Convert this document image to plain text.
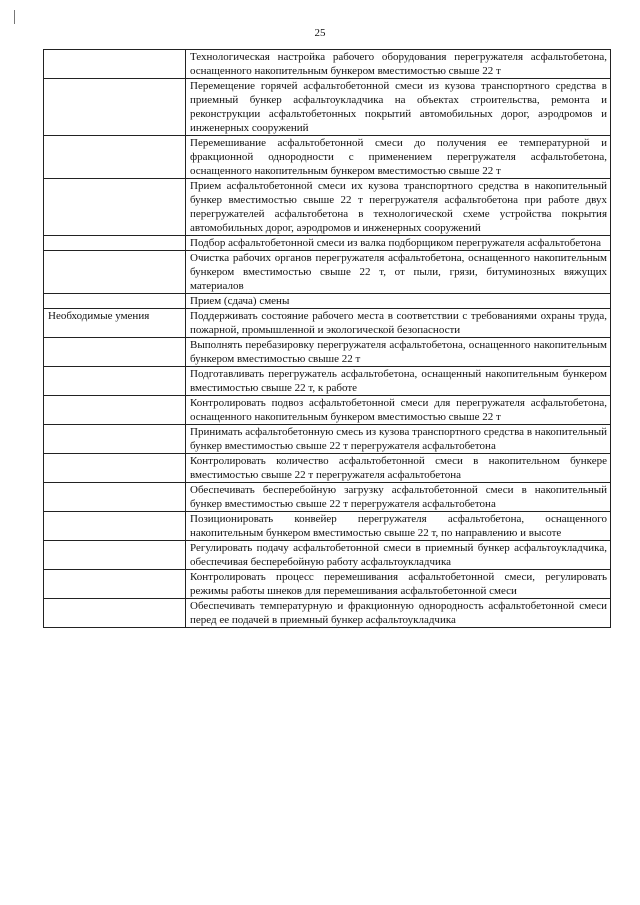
25

	Технологическая настройка рабочего оборудования перегружателя асфальтобетона, оснащенного накопительным бункером вместимостью свыше 22 т

	Перемещение горячей асфальтобетонной смеси из кузова транспортного средства в приемный бункер асфальтоукладчика на объектах строительства, ремонта и реконструкции асфальтобетонных покрытий автомобильных дорог, аэродромов и инженерных сооружений

	Перемешивание асфальтобетонной смеси до получения ее температурной и фракционной однородности с применением перегружателя асфальтобетона, оснащенного накопительным бункером вместимостью свыше 22 т

	Прием асфальтобетонной смеси их кузова транспортного средства в накопительный бункер вместимостью свыше 22 т перегружателя асфальтобетона при работе двух перегружателей асфальтобетона в технологической схеме устройства покрытия автомобильных дорог, аэродромов и инженерных сооружений

	Подбор асфальтобетонной смеси из валка подборщиком перегружателя асфальтобетона

	Очистка рабочих органов перегружателя асфальтобетона, оснащенного накопительным бункером вместимостью свыше 22 т, от пыли, грязи, битуминозных вяжущих материалов

	Прием (сдача) смены

Необходимые умения	Поддерживать состояние рабочего места в соответствии с требованиями охраны труда, пожарной, промышленной и экологической безопасности

	Выполнять перебазировку перегружателя асфальтобетона, оснащенного накопительным бункером вместимостью свыше 22 т

	Подготавливать перегружатель асфальтобетона, оснащенный накопительным бункером вместимостью свыше 22 т, к работе

	Контролировать подвоз асфальтобетонной смеси для перегружателя асфальтобетона, оснащенного накопительным бункером вместимостью свыше 22 т

	Принимать асфальтобетонную смесь из кузова транспортного средства в накопительный бункер вместимостью свыше 22 т перегружателя асфальтобетона

	Контролировать количество асфальтобетонной смеси в накопительном бункере вместимостью свыше 22 т перегружателя асфальтобетона

	Обеспечивать бесперебойную загрузку асфальтобетонной смеси в накопительный бункер вместимостью свыше 22 т перегружателя асфальтобетона

	Позиционировать конвейер перегружателя асфальтобетона, оснащенного накопительным бункером вместимостью свыше 22 т, по направлению и высоте

	Регулировать подачу асфальтобетонной смеси в приемный бункер асфальтоукладчика, обеспечивая бесперебойную работу асфальтоукладчика

	Контролировать процесс перемешивания асфальтобетонной смеси, регулировать режимы работы шнеков для перемешивания асфальтобетонной смеси

	Обеспечивать температурную и фракционную однородность асфальтобетонной смеси перед ее подачей в приемный бункер асфальтоукладчика
